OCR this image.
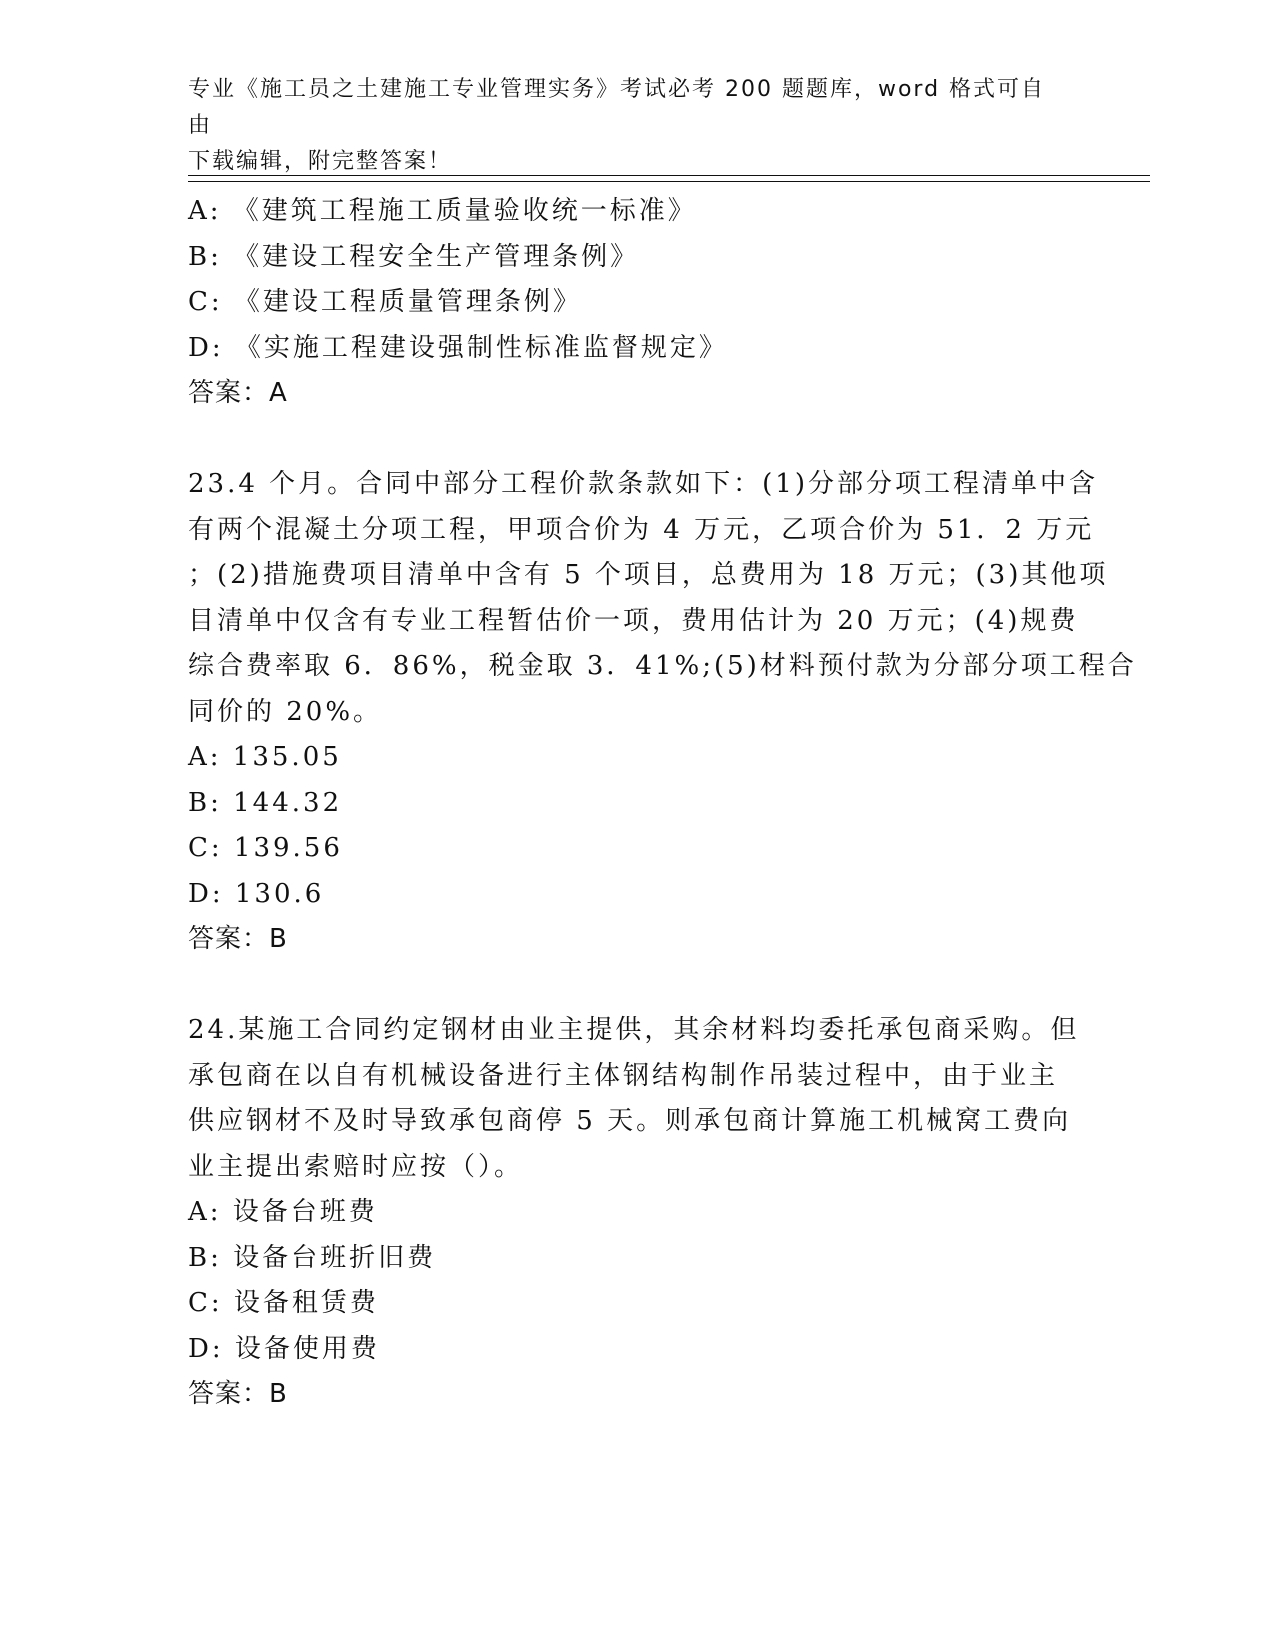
专业《施工员之土建施工专业管理实务》考试必考 200 题题库，word 格式可自由
下载编辑，附完整答案！
A: 《建筑工程施工质量验收统一标准》
B: 《建设工程安全生产管理条例》
C: 《建设工程质量管理条例》
D: 《实施工程建设强制性标准监督规定》
答案：A
23.4 个月。合同中部分工程价款条款如下：(1)分部分项工程清单中含
有两个混凝土分项工程，甲项合价为 4 万元，乙项合价为 51．2 万元
；(2)措施费项目清单中含有 5 个项目，总费用为 18 万元；(3)其他项
目清单中仅含有专业工程暂估价一项，费用估计为 20 万元；(4)规费
综合费率取 6．86%，税金取 3．41%;(5)材料预付款为分部分项工程合
同价的 20%。
A: 135.05
B: 144.32
C: 139.56
D: 130.6
答案：B
24.某施工合同约定钢材由业主提供，其余材料均委托承包商采购。但
承包商在以自有机械设备进行主体钢结构制作吊装过程中，由于业主
供应钢材不及时导致承包商停 5 天。则承包商计算施工机械窝工费向
业主提出索赔时应按（）。
A: 设备台班费
B: 设备台班折旧费
C: 设备租赁费
D: 设备使用费
答案：B
